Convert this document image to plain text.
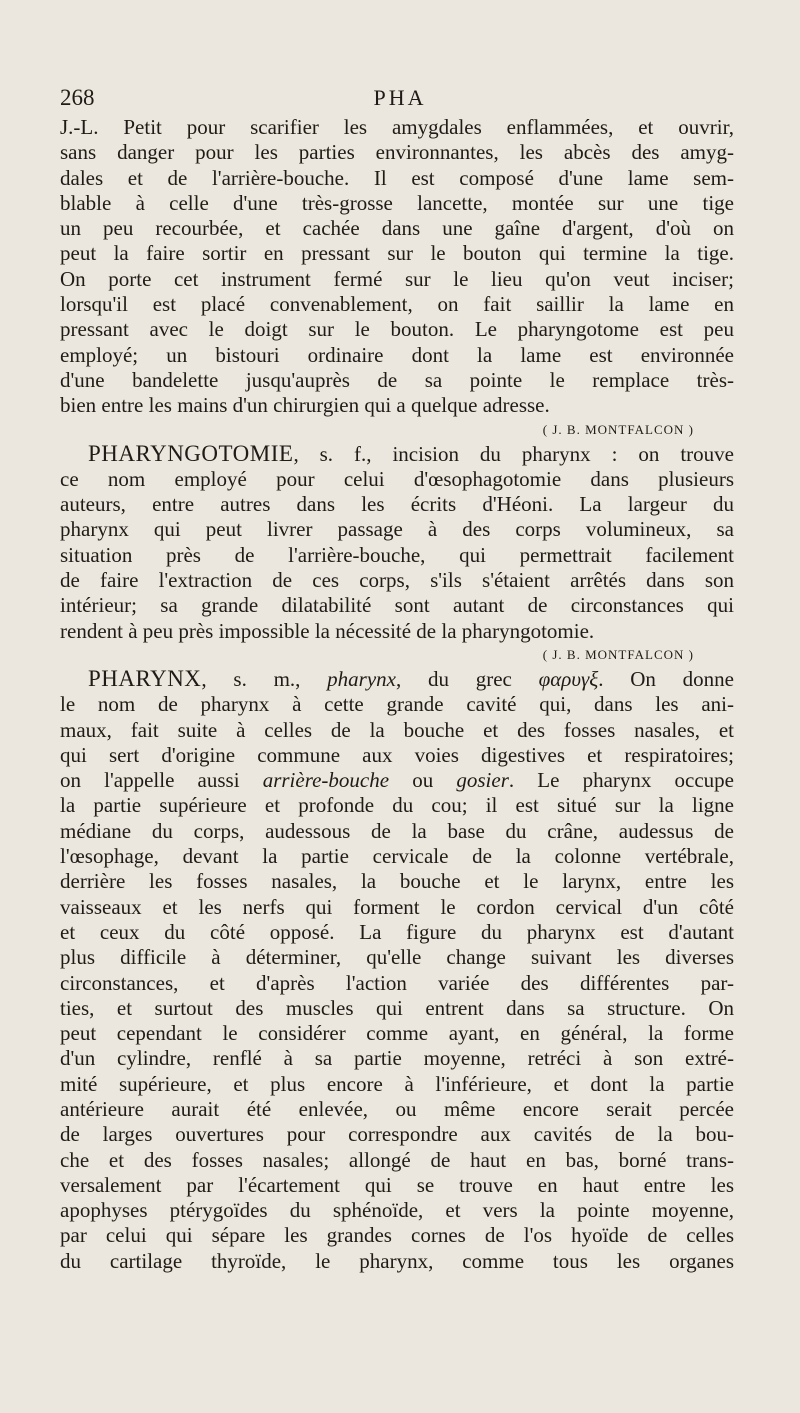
268	PHA
J.-L. Petit pour scarifier les amygdales enflammées, et ouvrir,
sans danger pour les parties environnantes, les abcès des amyg-
dales et de l'arrière-bouche. Il est composé d'une lame sem-
blable à celle d'une très-grosse lancette, montée sur une tige
un peu recourbée, et cachée dans une gaîne d'argent, d'où on
peut la faire sortir en pressant sur le bouton qui termine la tige.
On porte cet instrument fermé sur le lieu qu'on veut inciser;
lorsqu'il est placé convenablement, on fait saillir la lame en
pressant avec le doigt sur le bouton. Le pharyngotome est peu
employé; un bistouri ordinaire dont la lame est environnée
d'une bandelette jusqu'auprès de sa pointe le remplace très-
bien entre les mains d'un chirurgien qui a quelque adresse.
( J. B. MONTFALCON )
PHARYNGOTOMIE, s. f., incision du pharynx : on trouve
ce nom employé pour celui d'œsophagotomie dans plusieurs
auteurs, entre autres dans les écrits d'Héoni. La largeur du
pharynx qui peut livrer passage à des corps volumineux, sa
situation près de l'arrière-bouche, qui permettrait facilement
de faire l'extraction de ces corps, s'ils s'étaient arrêtés dans son
intérieur; sa grande dilatabilité sont autant de circonstances qui
rendent à peu près impossible la nécessité de la pharyngotomie.
( J. B. MONTFALCON )
PHARYNX, s. m., pharynx, du grec φαρυγξ. On donne
le nom de pharynx à cette grande cavité qui, dans les ani-
maux, fait suite à celles de la bouche et des fosses nasales, et
qui sert d'origine commune aux voies digestives et respiratoires;
on l'appelle aussi arrière-bouche ou gosier. Le pharynx occupe
la partie supérieure et profonde du cou; il est situé sur la ligne
médiane du corps, audessous de la base du crâne, audessus de
l'œsophage, devant la partie cervicale de la colonne vertébrale,
derrière les fosses nasales, la bouche et le larynx, entre les
vaisseaux et les nerfs qui forment le cordon cervical d'un côté
et ceux du côté opposé. La figure du pharynx est d'autant
plus difficile à déterminer, qu'elle change suivant les diverses
circonstances, et d'après l'action variée des différentes par-
ties, et surtout des muscles qui entrent dans sa structure. On
peut cependant le considérer comme ayant, en général, la forme
d'un cylindre, renflé à sa partie moyenne, retréci à son extré-
mité supérieure, et plus encore à l'inférieure, et dont la partie
antérieure aurait été enlevée, ou même encore serait percée
de larges ouvertures pour correspondre aux cavités de la bou-
che et des fosses nasales; allongé de haut en bas, borné trans-
versalement par l'écartement qui se trouve en haut entre les
apophyses ptérygoïdes du sphénoïde, et vers la pointe moyenne,
par celui qui sépare les grandes cornes de l'os hyoïde de celles
du cartilage thyroïde, le pharynx, comme tous les organes
